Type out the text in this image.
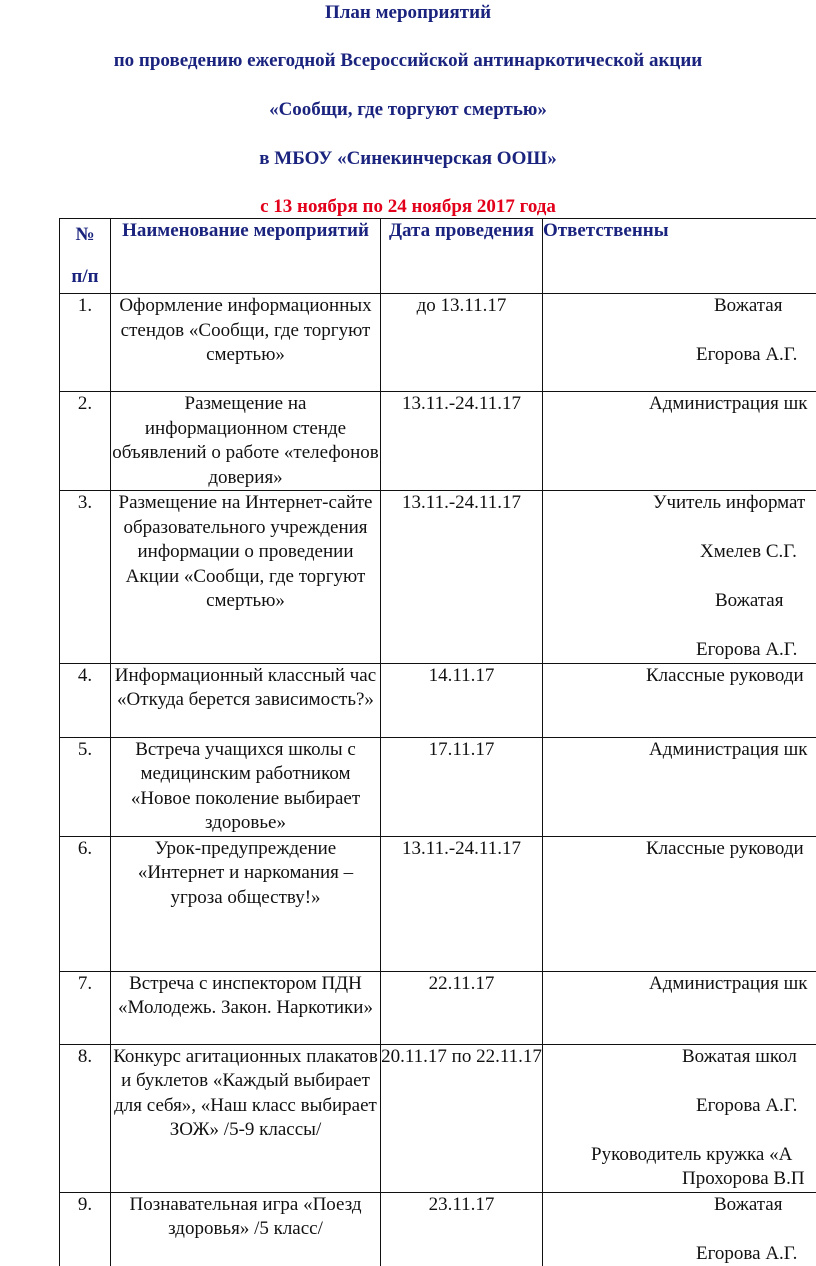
План мероприятий
по проведению ежегодной Всероссийской антинаркотической акции
«Сообщи, где торгуют смертью»
в МБОУ «Синекинчерская ООШ»
с 13 ноября по 24 ноября 2017 года
№
п/п	Наименование мероприятий	Дата проведения	Ответственны
1.	Оформление информационных стендов «Сообщи, где торгуют смертью»	до 13.11.17	Вожатая
Егорова А.Г.

2.	Размещение на информационном стенде объявлений о работе «телефонов доверия»	13.11.-24.11.17	Администрация шк

3.	Размещение на Интернет-сайте образовательного учреждения информации о проведении Акции «Сообщи, где торгуют смертью»	13.11.-24.11.17	Учитель информат
Хмелев С.Г.
Вожатая
Егорова А.Г.

4.	Информационный классный час «Откуда берется зависимость?»	14.11.17	Классные руководи

5.	Встреча учащихся школы с медицинским работником «Новое поколение выбирает здоровье»	17.11.17	Администрация шк

6.	Урок-предупреждение «Интернет и наркомания – угроза обществу!»	13.11.-24.11.17	Классные руководи

7.	Встреча с инспектором ПДН «Молодежь. Закон. Наркотики»	22.11.17	Администрация шк

8.	Конкурс агитационных плакатов и буклетов «Каждый выбирает для себя», «Наш класс выбирает ЗОЖ» /5-9 классы/	20.11.17 по 22.11.17	Вожатая школ
Егорова А.Г.
Руководитель кружка «А
Прохорова В.П

9.	Познавательная игра «Поезд здоровья» /5 класс/	23.11.17	Вожатая
Егорова А.Г.
